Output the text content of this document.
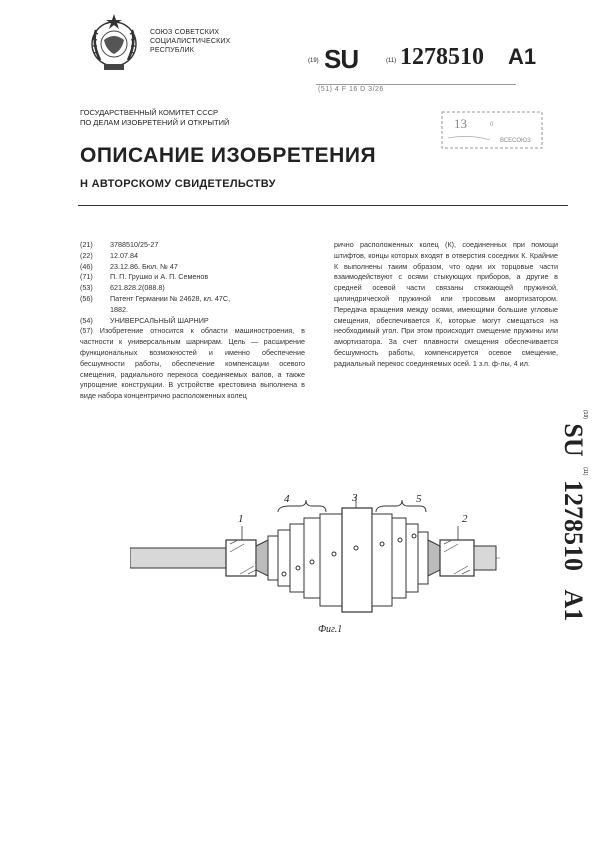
СОЮЗ СОВЕТСКИХ
СОЦИАЛИСТИЧЕСКИХ
РЕСПУБЛИК
(19) SU	(11) 1278510 A1
(51) 4 F 16 D 3/26
ГОСУДАРСТВЕННЫЙ КОМИТЕТ СССР
ПО ДЕЛАМ ИЗОБРЕТЕНИЙ И ОТКРЫТИЙ	13	0
ВСЕСОЮЗ
ОПИСАНИЕ ИЗОБРЕТЕНИЯ
Н АВТОРСКОМУ СВИДЕТЕЛЬСТВУ
(21) 3788510/25-27
(22) 12.07.84
(46) 23.12.86. Бюл. № 47
(71) П. П. Грушко и А. П. Семенов
(53) 621.828.2(088.8)
(56) Патент Германии № 24628, кл. 47С,
1882.
(54) УНИВЕРСАЛЬНЫЙ ШАРНИР
(57) Изобретение относится к области машиностроения, в частности к универсальным шарнирам. Цель — расширение функциональных возможностей и именно обеспечение бесшумности работы, обеспечение компенсации осевого смещения, радиального перекоса соединяемых валов, а также упрощение конструкции. В устройстве крестовина выполнена в виде набора концентрично расположенных колец
рично расположенных колец (К), соединенных при помощи штифтов, концы которых входят в отверстия соседних К. Крайние К выполнены таким образом, что одни их торцовые части взаимодействуют с осями стыкующих приборов, а другие в средней осевой части связаны стяжающей пружиной, цилиндрической пружиной или тросовым амортизатором. Передача вращения между осями, имеющими большие угловые смещения, обеспечивается К, которые могут смещаться на необходимый угол. При этом происходит смещение пружины или амортизатора. За счет плавности смещения обеспечивается бесшумность работы, компенсируется осевое смещение, радиальный перекос соединяемых осей. 1 з.п. ф-лы, 4 ил.
$^{(19)}$ SU $^{(11)}$ 1278510 A1
1	2
3
4	5
Фиг.1
